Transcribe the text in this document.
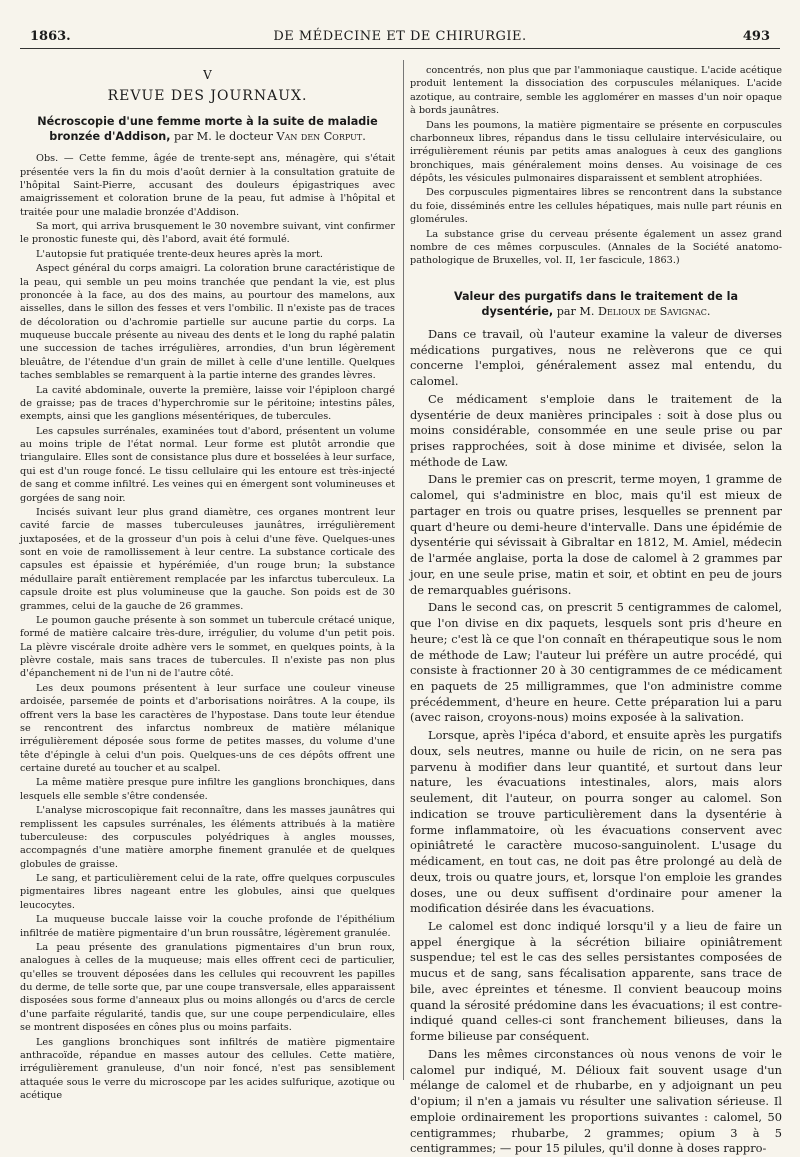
1863.	DE MÉDECINE ET DE CHIRURGIE.	493
V
REVUE DES JOURNAUX.
Nécroscopie d'une femme morte à la suite de maladie bronzée d'Addison, par M. le docteur Van den Corput.

Obs. — Cette femme, âgée de trente-sept ans, ménagère, qui s'était présentée vers la fin du mois d'août dernier à la consultation gratuite de l'hôpital Saint-Pierre, accusant des douleurs épigastriques avec amaigrissement et coloration brune de la peau, fut admise à l'hôpital et traitée pour une maladie bronzée d'Addison.

Sa mort, qui arriva brusquement le 30 novembre suivant, vint confirmer le pronostic funeste qui, dès l'abord, avait été formulé.

L'autopsie fut pratiquée trente-deux heures après la mort.

Aspect général du corps amaigri. La coloration brune caractéristique de la peau, qui semble un peu moins tranchée que pendant la vie, est plus prononcée à la face, au dos des mains, au pourtour des mamelons, aux aisselles, dans le sillon des fesses et vers l'ombilic. Il n'existe pas de traces de décoloration ou d'achromie partielle sur aucune partie du corps. La muqueuse buccale présente au niveau des dents et le long du raphé palatin une succession de taches irrégulières, arrondies, d'un brun légèrement bleuâtre, de l'étendue d'un grain de millet à celle d'une lentille. Quelques taches semblables se remarquent à la partie interne des grandes lèvres.

La cavité abdominale, ouverte la première, laisse voir l'épiploon chargé de graisse; pas de traces d'hyperchromie sur le péritoine; intestins pâles, exempts, ainsi que les ganglions mésentériques, de tubercules.

Les capsules surrénales, examinées tout d'abord, présentent un volume au moins triple de l'état normal. Leur forme est plutôt arrondie que triangulaire. Elles sont de consistance plus dure et bosselées à leur surface, qui est d'un rouge foncé. Le tissu cellulaire qui les entoure est très-injecté de sang et comme infiltré. Les veines qui en émergent sont volumineuses et gorgées de sang noir.

Incisés suivant leur plus grand diamètre, ces organes montrent leur cavité farcie de masses tuberculeuses jaunâtres, irrégulièrement juxtaposées, et de la grosseur d'un pois à celui d'une fève. Quelques-unes sont en voie de ramollissement à leur centre. La substance corticale des capsules est épaissie et hypérémiée, d'un rouge brun; la substance médullaire paraît entièrement remplacée par les infarctus tuberculeux. La capsule droite est plus volumineuse que la gauche. Son poids est de 30 grammes, celui de la gauche de 26 grammes.

Le poumon gauche présente à son sommet un tubercule crétacé unique, formé de matière calcaire très-dure, irrégulier, du volume d'un petit pois. La plèvre viscérale droite adhère vers le sommet, en quelques points, à la plèvre costale, mais sans traces de tubercules. Il n'existe pas non plus d'épanchement ni de l'un ni de l'autre côté.

Les deux poumons présentent à leur surface une couleur vineuse ardoisée, parsemée de points et d'arborisations noirâtres. A la coupe, ils offrent vers la base les caractères de l'hypostase. Dans toute leur étendue se rencontrent des infarctus nombreux de matière mélanique irrégulièrement déposée sous forme de petites masses, du volume d'une tête d'épingle à celui d'un pois. Quelques-uns de ces dépôts offrent une certaine dureté au toucher et au scalpel.

La même matière presque pure infiltre les ganglions bronchiques, dans lesquels elle semble s'être condensée.

L'analyse microscopique fait reconnaître, dans les masses jaunâtres qui remplissent les capsules surrénales, les éléments attribués à la matière tuberculeuse: des corpuscules polyédriques à angles mousses, accompagnés d'une matière amorphe finement granulée et de quelques globules de graisse.

Le sang, et particulièrement celui de la rate, offre quelques corpuscules pigmentaires libres nageant entre les globules, ainsi que quelques leucocytes.

La muqueuse buccale laisse voir la couche profonde de l'épithélium infiltrée de matière pigmentaire d'un brun roussâtre, légèrement granulée.

La peau présente des granulations pigmentaires d'un brun roux, analogues à celles de la muqueuse; mais elles offrent ceci de particulier, qu'elles se trouvent déposées dans les cellules qui recouvrent les papilles du derme, de telle sorte que, par une coupe transversale, elles apparaissent disposées sous forme d'anneaux plus ou moins allongés ou d'arcs de cercle d'une parfaite régularité, tandis que, sur une coupe perpendiculaire, elles se montrent disposées en cônes plus ou moins parfaits.

Les ganglions bronchiques sont infiltrés de matière pigmentaire anthracoïde, répandue en masses autour des cellules. Cette matière, irrégulièrement granuleuse, d'un noir foncé, n'est pas sensiblement attaquée sous le verre du microscope par les acides sulfurique, azotique ou acétique

concentrés, non plus que par l'ammoniaque caustique. L'acide acétique produit lentement la dissociation des corpuscules mélaniques. L'acide azotique, au contraire, semble les agglomérer en masses d'un noir opaque à bords jaunâtres.

Dans les poumons, la matière pigmentaire se présente en corpuscules charbonneux libres, répandus dans le tissu cellulaire intervésiculaire, ou irrégulièrement réunis par petits amas analogues à ceux des ganglions bronchiques, mais généralement moins denses. Au voisinage de ces dépôts, les vésicules pulmonaires disparaissent et semblent atrophiées.

Des corpuscules pigmentaires libres se rencontrent dans la substance du foie, disséminés entre les cellules hépatiques, mais nulle part réunis en glomérules.

La substance grise du cerveau présente également un assez grand nombre de ces mêmes corpuscules. (Annales de la Société anatomo-pathologique de Bruxelles, vol. II, 1er fascicule, 1863.)

Valeur des purgatifs dans le traitement de la dysentérie, par M. Delioux de Savignac.

Dans ce travail, où l'auteur examine la valeur de diverses médications purgatives, nous ne relèverons que ce qui concerne l'emploi, généralement assez mal entendu, du calomel.

Ce médicament s'emploie dans le traitement de la dysentérie de deux manières principales : soit à dose plus ou moins considérable, consommée en une seule prise ou par prises rapprochées, soit à dose minime et divisée, selon la méthode de Law.

Dans le premier cas on prescrit, terme moyen, 1 gramme de calomel, qui s'administre en bloc, mais qu'il est mieux de partager en trois ou quatre prises, lesquelles se prennent par quart d'heure ou demi-heure d'intervalle. Dans une épidémie de dysentérie qui sévissait à Gibraltar en 1812, M. Amiel, médecin de l'armée anglaise, porta la dose de calomel à 2 grammes par jour, en une seule prise, matin et soir, et obtint en peu de jours de remarquables guérisons.

Dans le second cas, on prescrit 5 centigrammes de calomel, que l'on divise en dix paquets, lesquels sont pris d'heure en heure; c'est là ce que l'on connaît en thérapeutique sous le nom de méthode de Law; l'auteur lui préfère un autre procédé, qui consiste à fractionner 20 à 30 centigrammes de ce médicament en paquets de 25 milligrammes, que l'on administre comme précédemment, d'heure en heure. Cette préparation lui a paru (avec raison, croyons-nous) moins exposée à la salivation.

Lorsque, après l'ipéca d'abord, et ensuite après les purgatifs doux, sels neutres, manne ou huile de ricin, on ne sera pas parvenu à modifier dans leur quantité, et surtout dans leur nature, les évacuations intestinales, alors, mais alors seulement, dit l'auteur, on pourra songer au calomel. Son indication se trouve particulièrement dans la dysentérie à forme inflammatoire, où les évacuations conservent avec opiniâtreté le caractère mucoso-sanguinolent. L'usage du médicament, en tout cas, ne doit pas être prolongé au delà de deux, trois ou quatre jours, et, lorsque l'on emploie les grandes doses, une ou deux suffisent d'ordinaire pour amener la modification désirée dans les évacuations.

Le calomel est donc indiqué lorsqu'il y a lieu de faire un appel énergique à la sécrétion biliaire opiniâtrement suspendue; tel est le cas des selles persistantes composées de mucus et de sang, sans fécalisation apparente, sans trace de bile, avec épreintes et ténesme. Il convient beaucoup moins quand la sérosité prédomine dans les évacuations; il est contre-indiqué quand celles-ci sont franchement bilieuses, dans la forme bilieuse par conséquent.

Dans les mêmes circonstances où nous venons de voir le calomel pur indiqué, M. Délioux fait souvent usage d'un mélange de calomel et de rhubarbe, en y adjoignant un peu d'opium; il n'en a jamais vu résulter une salivation sérieuse. Il emploie ordinairement les proportions suivantes : calomel, 50 centigrammes; rhubarbe, 2 grammes; opium 3 à 5 centigrammes; — pour 15 pilules, qu'il donne à doses rappro-
